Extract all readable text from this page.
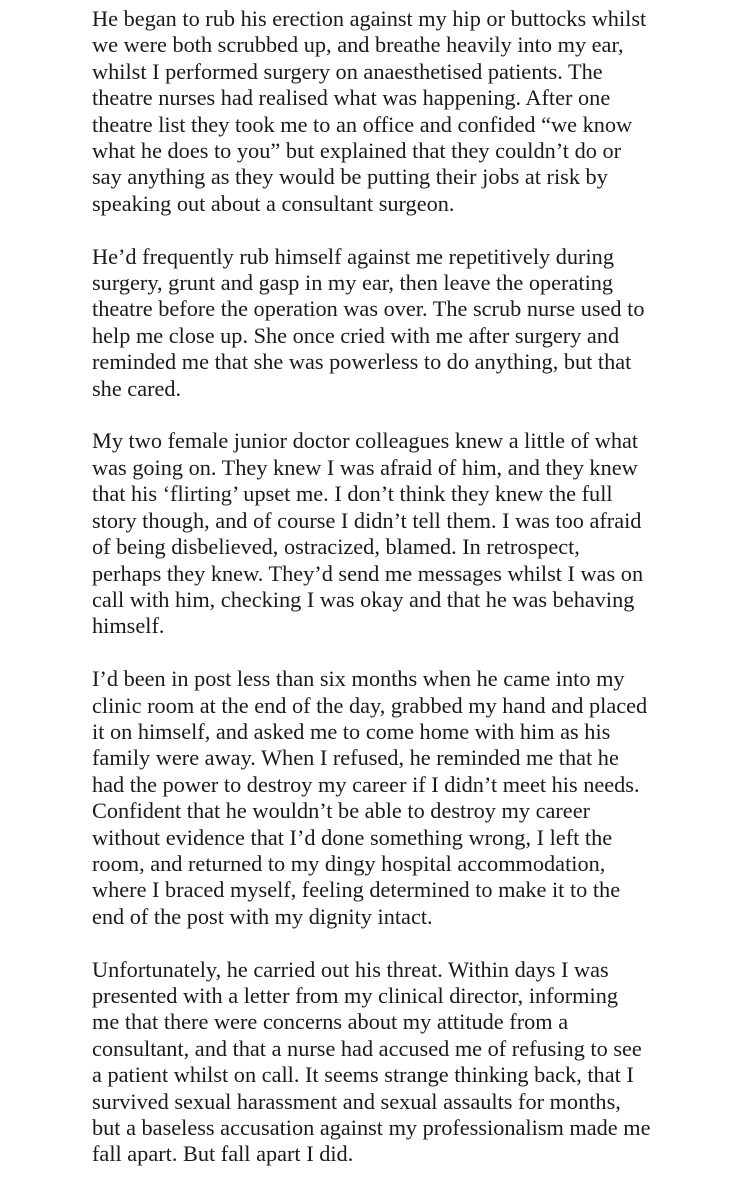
He began to rub his erection against my hip or buttocks whilst
we were both scrubbed up, and breathe heavily into my ear,
whilst I performed surgery on anaesthetised patients. The
theatre nurses had realised what was happening. After one
theatre list they took me to an office and confided “we know
what he does to you” but explained that they couldn’t do or
say anything as they would be putting their jobs at risk by
speaking out about a consultant surgeon.

He’d frequently rub himself against me repetitively during
surgery, grunt and gasp in my ear, then leave the operating
theatre before the operation was over. The scrub nurse used to
help me close up. She once cried with me after surgery and
reminded me that she was powerless to do anything, but that
she cared.

My two female junior doctor colleagues knew a little of what
was going on. They knew I was afraid of him, and they knew
that his ‘flirting’ upset me. I don’t think they knew the full
story though, and of course I didn’t tell them. I was too afraid
of being disbelieved, ostracized, blamed. In retrospect,
perhaps they knew. They’d send me messages whilst I was on
call with him, checking I was okay and that he was behaving
himself.

I’d been in post less than six months when he came into my
clinic room at the end of the day, grabbed my hand and placed
it on himself, and asked me to come home with him as his
family were away. When I refused, he reminded me that he
had the power to destroy my career if I didn’t meet his needs.
Confident that he wouldn’t be able to destroy my career
without evidence that I’d done something wrong, I left the
room, and returned to my dingy hospital accommodation,
where I braced myself, feeling determined to make it to the
end of the post with my dignity intact.

Unfortunately, he carried out his threat. Within days I was
presented with a letter from my clinical director, informing
me that there were concerns about my attitude from a
consultant, and that a nurse had accused me of refusing to see
a patient whilst on call. It seems strange thinking back, that I
survived sexual harassment and sexual assaults for months,
but a baseless accusation against my professionalism made me
fall apart. But fall apart I did.
